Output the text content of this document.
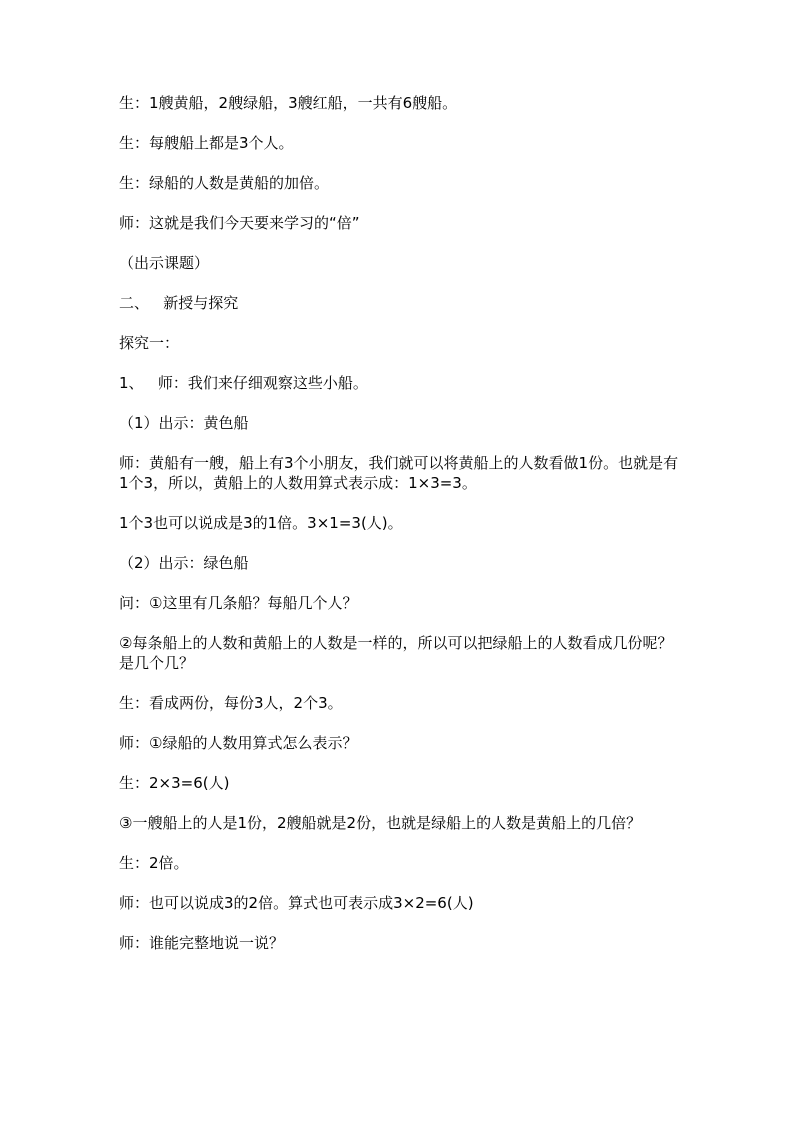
生：1艘黄船，2艘绿船，3艘红船，一共有6艘船。

生：每艘船上都是3个人。

生：绿船的人数是黄船的加倍。

师：这就是我们今天要来学习的“倍”

（出示课题）

二、   新授与探究

探究一：

1、   师：我们来仔细观察这些小船。

（1）出示：黄色船

师：黄船有一艘，船上有3个小朋友，我们就可以将黄船上的人数看做1份。也就是有1个3，所以，黄船上的人数用算式表示成：1×3=3。

1个3也可以说成是3的1倍。3×1=3(人)。

（2）出示：绿色船

问：①这里有几条船？每船几个人？

②每条船上的人数和黄船上的人数是一样的，所以可以把绿船上的人数看成几份呢？是几个几？

生：看成两份，每份3人，2个3。

师：①绿船的人数用算式怎么表示？

生：2×3=6(人)

③一艘船上的人是1份，2艘船就是2份，也就是绿船上的人数是黄船上的几倍？

生：2倍。

师：也可以说成3的2倍。算式也可表示成3×2=6(人)

师：谁能完整地说一说？
